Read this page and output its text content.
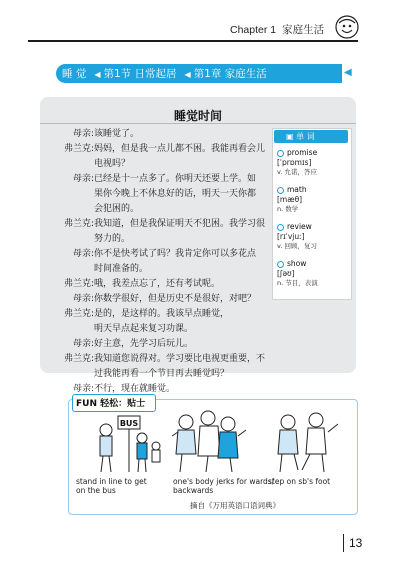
Chapter 1 家庭生活
睡 觉 ◀ 第1节 日常起居 ◀ 第1章 家庭生活	◀
睡觉时间
母亲:该睡觉了。
弗兰克:妈妈，但是我一点儿都不困。我能再看会儿
电视吗？
母亲:已经是十一点多了。你明天还要上学。如
果你今晚上不休息好的话，明天一天你都
会犯困的。
弗兰克:我知道，但是我保证明天不犯困。我学习很
努力的。
母亲:你不是快考试了吗？我肯定你可以多花点
时间准备的。
弗兰克:哦，我差点忘了，还有考试呢。
母亲:你数学很好，但是历史不是很好，对吧？
弗兰克:是的，是这样的。我该早点睡觉，
明天早点起来复习功课。
母亲:好主意，先学习后玩儿。
弗兰克:我知道您说得对。学习要比电视更重要，不
过我能再看一个节目再去睡觉吗？
母亲:不行，现在就睡觉。
▣ 单 词
promise
[ˈprɒmɪs]
v. 允诺，答应
math
[mæθ]
n. 数学
review
[rɪˈvjuː]
v. 回顾，复习
show
[ʃəʊ]
n. 节目，表演
FUN 轻松：贴士
BUS
stand in line to get
on the bus
one's body jerks for wards/
backwards
step on sb's foot
摘自《万用英语口语词典》
13
